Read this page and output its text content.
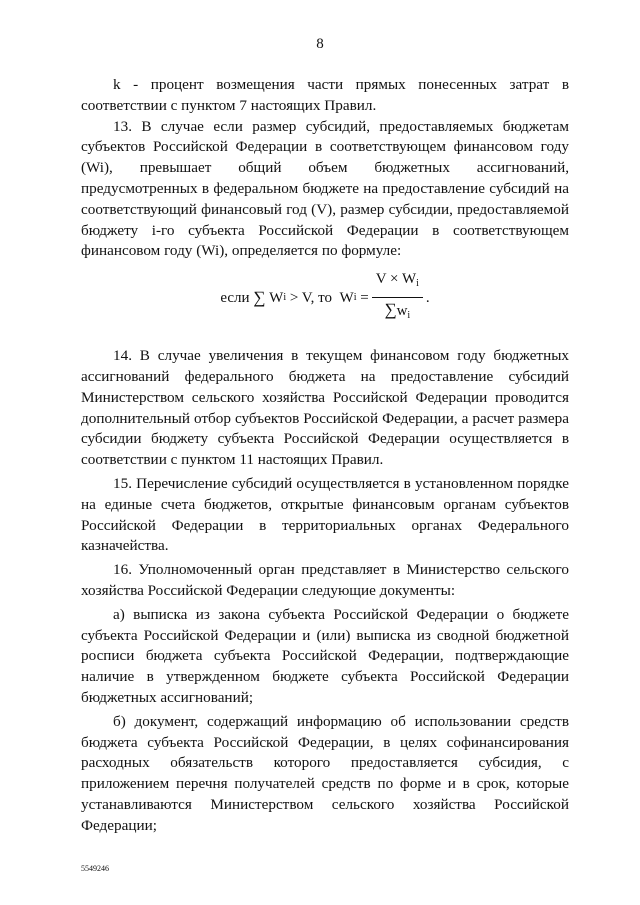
8

k - процент возмещения части прямых понесенных затрат в соответствии с пунктом 7 настоящих Правил.

13. В случае если размер субсидий, предоставляемых бюджетам субъектов Российской Федерации в соответствующем финансовом году (Wi), превышает общий объем бюджетных ассигнований, предусмотренных в федеральном бюджете на предоставление субсидий на соответствующий финансовый год (V), размер субсидии, предоставляемой бюджету i-го субъекта Российской Федерации в соответствующем финансовом году (Wi), определяется по формуле:

если
∑
W i
> V, то
W i
= $\frac{V \times W_i}{\sum w_i}$ .

14. В случае увеличения в текущем финансовом году бюджетных ассигнований федерального бюджета на предоставление субсидий Министерством сельского хозяйства Российской Федерации проводится дополнительный отбор субъектов Российской Федерации, а расчет размера субсидии бюджету субъекта Российской Федерации осуществляется в соответствии с пунктом 11 настоящих Правил.

15. Перечисление субсидий осуществляется в установленном порядке на единые счета бюджетов, открытые финансовым органам субъектов Российской Федерации в территориальных органах Федерального казначейства.

16. Уполномоченный орган представляет в Министерство сельского хозяйства Российской Федерации следующие документы:

а) выписка из закона субъекта Российской Федерации о бюджете субъекта Российской Федерации и (или) выписка из сводной бюджетной росписи бюджета субъекта Российской Федерации, подтверждающие наличие в утвержденном бюджете субъекта Российской Федерации бюджетных ассигнований;

б) документ, содержащий информацию об использовании средств бюджета субъекта Российской Федерации, в целях софинансирования расходных обязательств которого предоставляется субсидия, с приложением перечня получателей средств по форме и в срок, которые устанавливаются Министерством сельского хозяйства Российской Федерации;

5549246
